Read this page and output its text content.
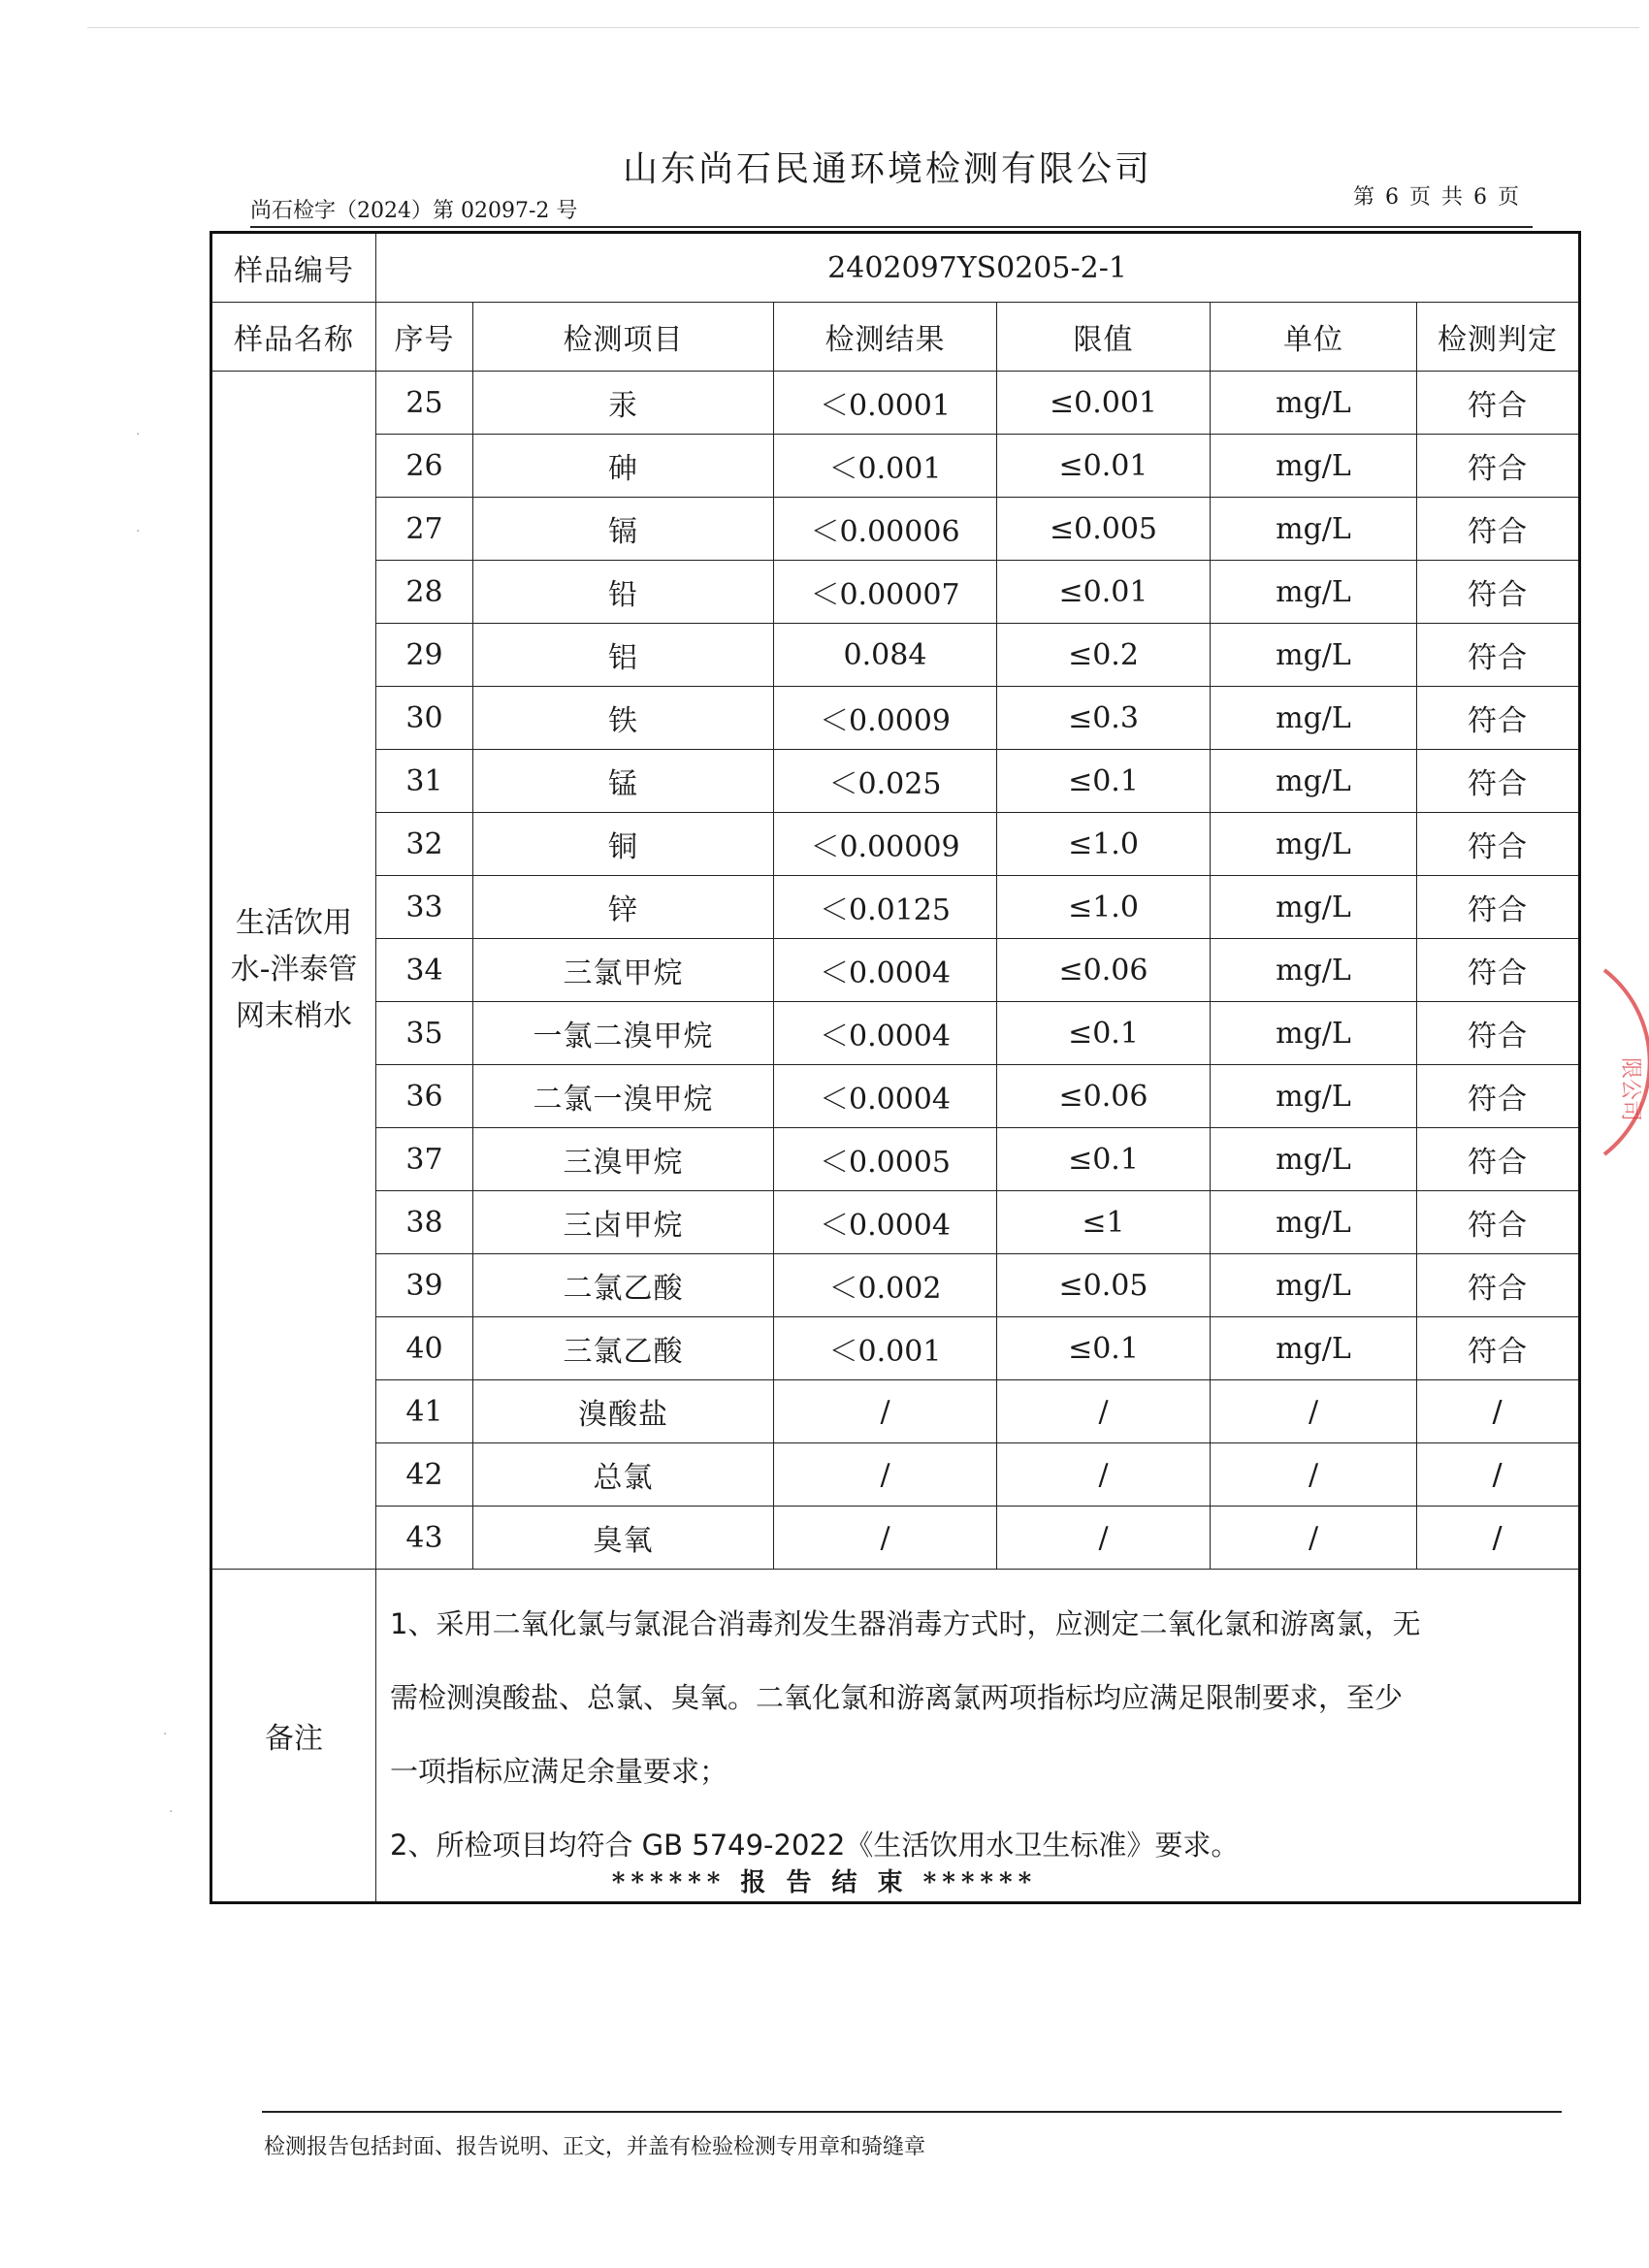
山东尚石民通环境检测有限公司
尚石检字（2024）第 02097-2 号
第 6 页 共 6 页
样品编号	2402097YS0205-2-1					
样品名称	序号	检测项目	检测结果	限值	单位	检测判定
生活饮用水-泮泰管网末梢水	25	汞	＜0.0001	≤0.001	mg/L	符合
	26	砷	＜0.001	≤0.01	mg/L	符合
	27	镉	＜0.00006	≤0.005	mg/L	符合
	28	铅	＜0.00007	≤0.01	mg/L	符合
	29	铝	0.084	≤0.2	mg/L	符合
	30	铁	＜0.0009	≤0.3	mg/L	符合
	31	锰	＜0.025	≤0.1	mg/L	符合
	32	铜	＜0.00009	≤1.0	mg/L	符合
	33	锌	＜0.0125	≤1.0	mg/L	符合
	34	三氯甲烷	＜0.0004	≤0.06	mg/L	符合
	35	一氯二溴甲烷	＜0.0004	≤0.1	mg/L	符合
	36	二氯一溴甲烷	＜0.0004	≤0.06	mg/L	符合
	37	三溴甲烷	＜0.0005	≤0.1	mg/L	符合
	38	三卤甲烷	＜0.0004	≤1	mg/L	符合
	39	二氯乙酸	＜0.002	≤0.05	mg/L	符合
	40	三氯乙酸	＜0.001	≤0.1	mg/L	符合
	41	溴酸盐	/	/	/	/
	42	总氯	/	/	/	/
	43	臭氧	/	/	/	/
备注	1、采用二氧化氯与氯混合消毒剂发生器消毒方式时，应测定二氧化氯和游离氯，无

需检测溴酸盐、总氯、臭氧。二氧化氯和游离氯两项指标均应满足限制要求，至少

一项指标应满足余量要求；

2、所检项目均符合 GB 5749-2022《生活饮用水卫生标准》要求。					

****** 报 告 结 束 ******
检测报告包括封面、报告说明、正文，并盖有检验检测专用章和骑缝章
限公司
·
·
·
·
